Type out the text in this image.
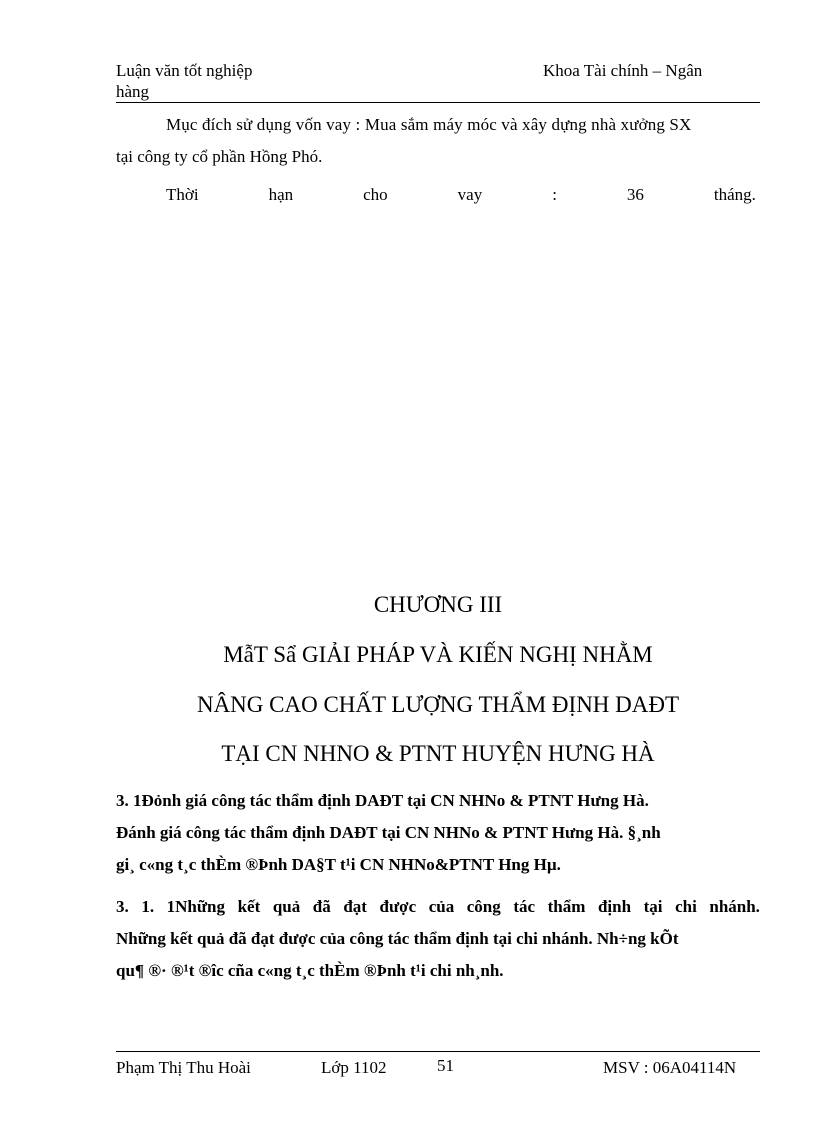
Luận văn tốt nghiệp	Khoa Tài chính – Ngân
hàng
Mục đích sử dụng vốn vay : Mua sắm máy móc và xây dựng nhà xưởng SX
tại công ty cổ phần Hồng Phó.
Thời	hạn	cho	vay	:	36	tháng.
CHƯƠNG III
MẫT Sẩ GIẢI PHÁP VÀ KIẾN NGHỊ NHẰM
NÂNG CAO CHẤT LƯỢNG THẨM ĐỊNH DAĐT
TẠI CN NHNO & PTNT HUYỆN HƯNG HÀ
3. 1Đỏnh giá công tác thẩm định DAĐT tại CN NHNo & PTNT Hưng Hà.
Đánh giá công tác thẩm định DAĐT tại CN NHNo & PTNT Hưng Hà. §¸nh
gi¸ c«ng t¸c thÈm ®Þnh DA§T t¹i CN NHNo&PTNT Hng Hµ.
3. 1. 1Những kết quả đã đạt được của công tác thẩm định tại chi nhánh.
Những kết quả đã đạt được của công tác thẩm định tại chi nhánh. Nh÷ng kÕt
qu¶ ®· ®¹t ®îc cña c«ng t¸c thÈm ®Þnh t¹i chi nh¸nh.
Phạm Thị Thu Hoài	Lớp 1102	51	MSV : 06A04114N
